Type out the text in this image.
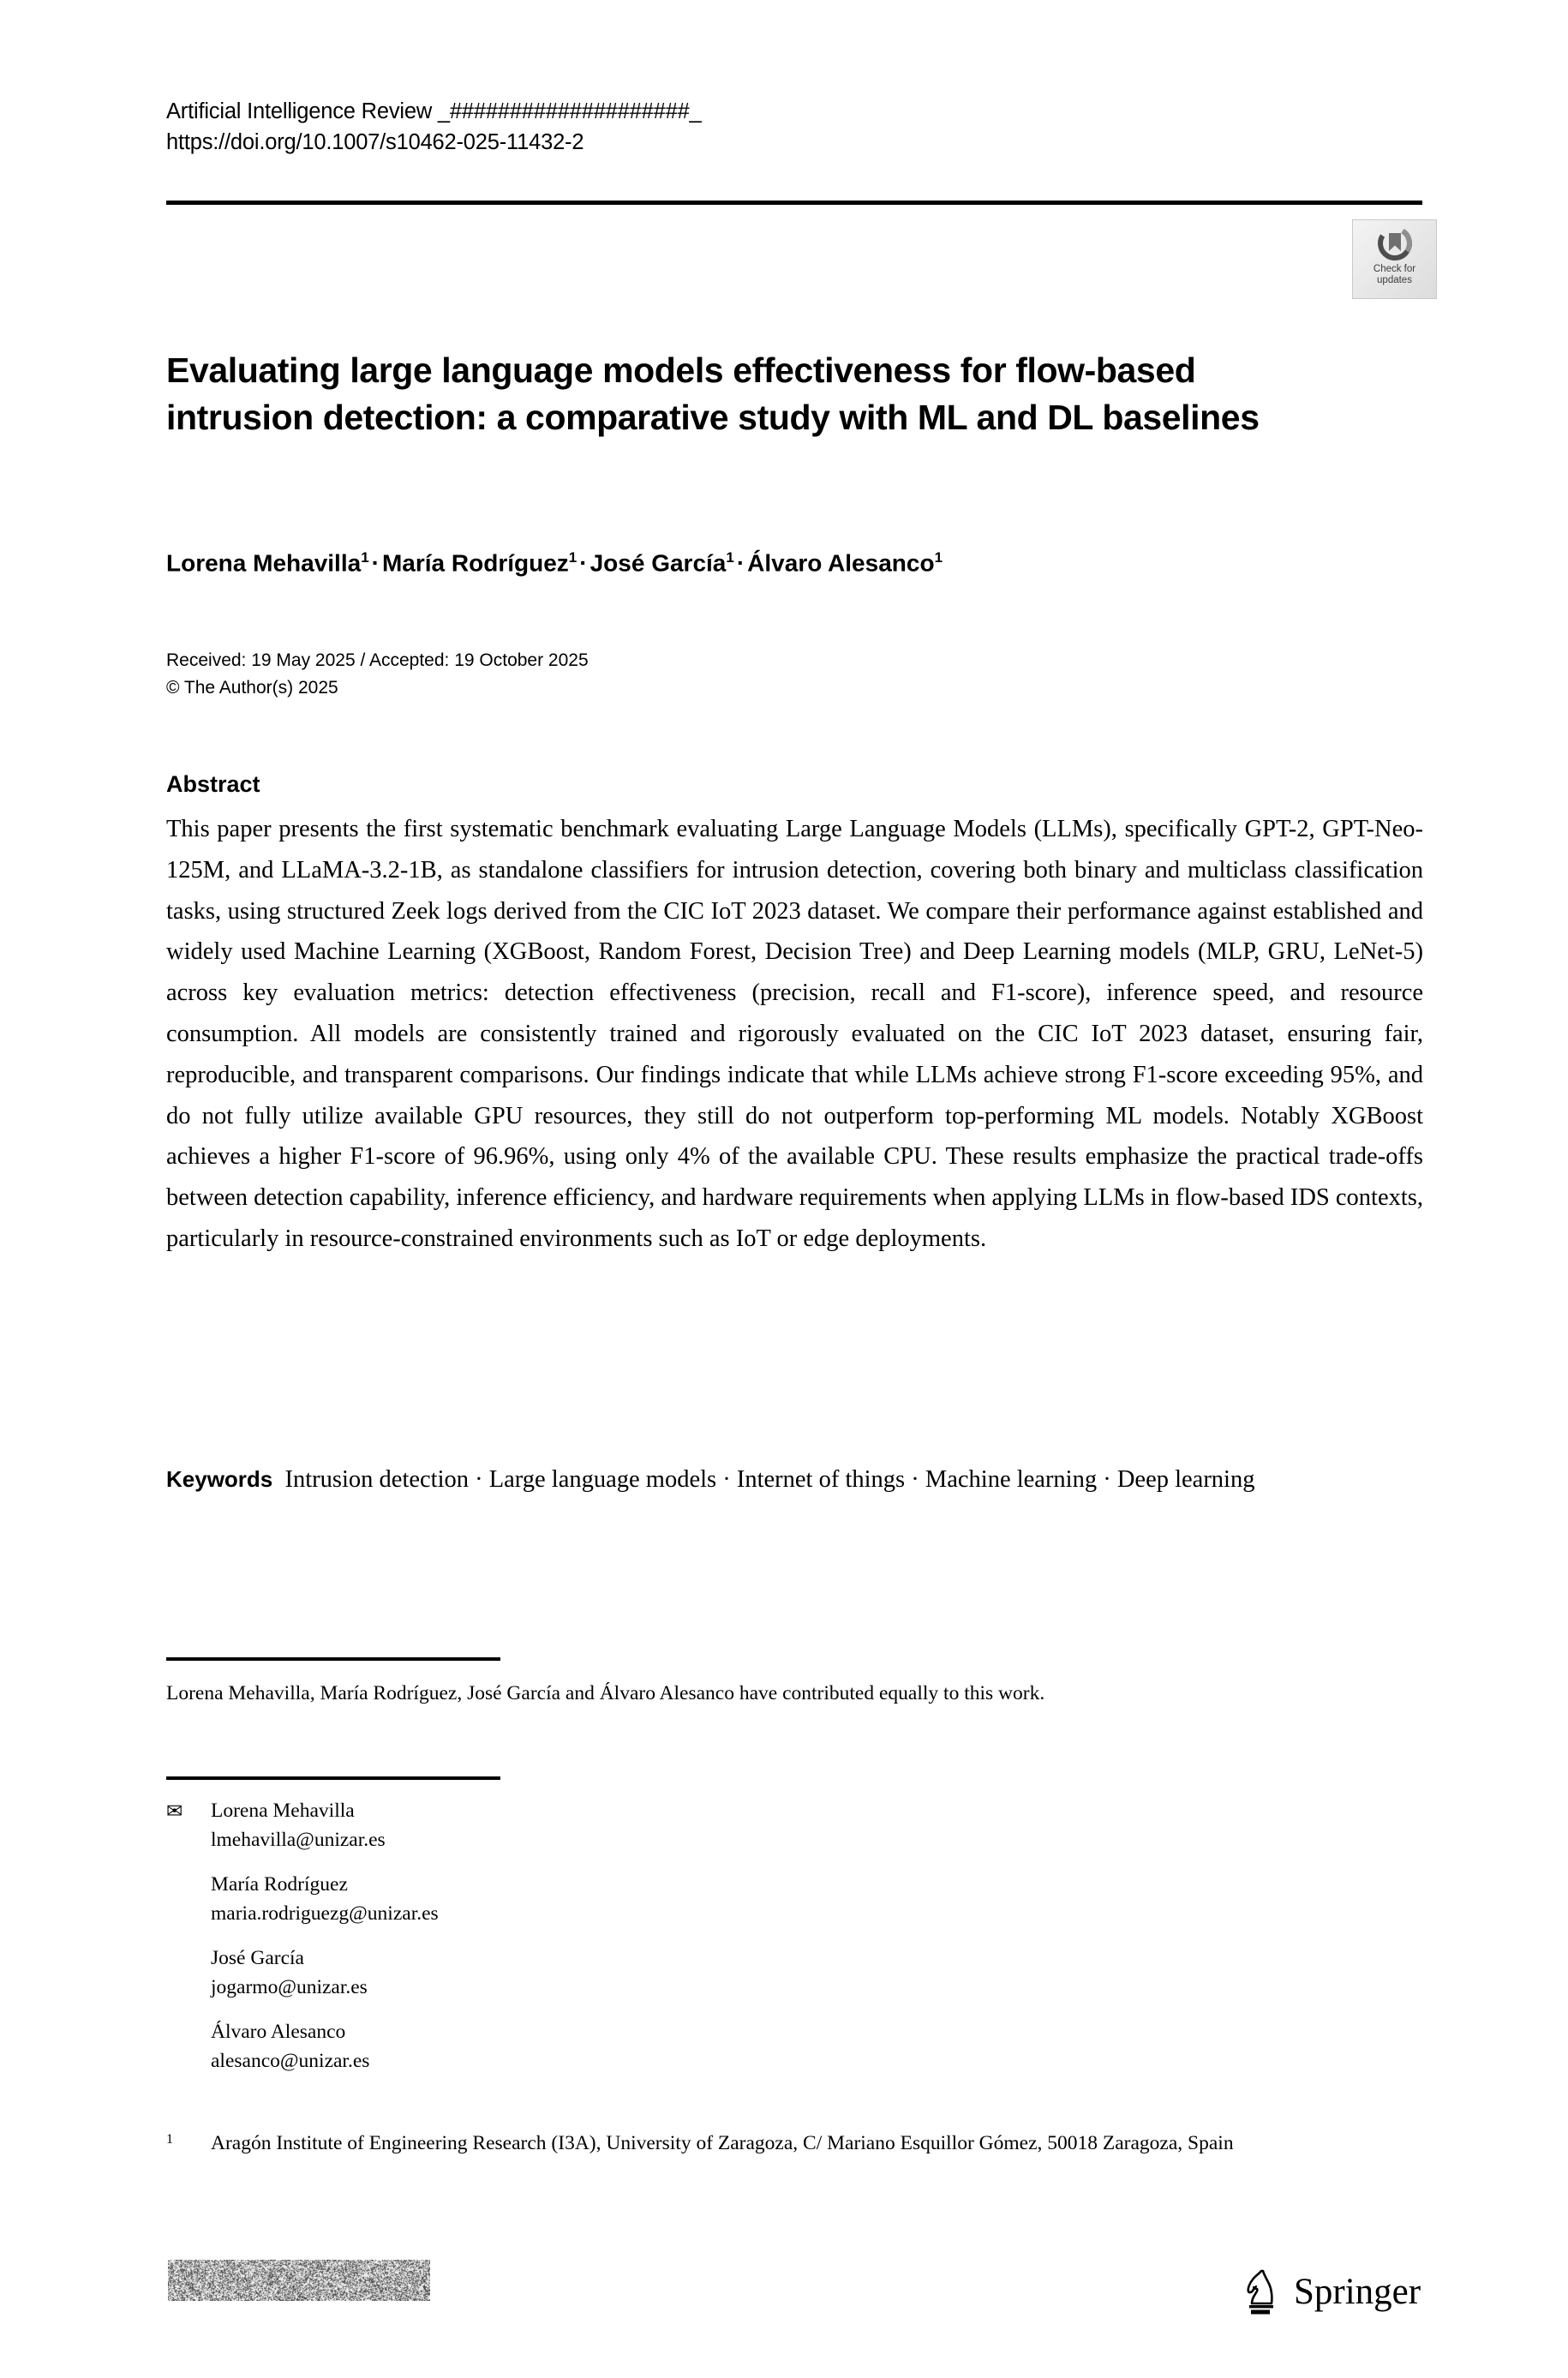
Artificial Intelligence Review _####################_
https://doi.org/10.1007/s10462-025-11432-2
Check for
updates
Evaluating large language models effectiveness for flow-based intrusion detection: a comparative study with ML and DL baselines
Lorena Mehavilla$^1$ · María Rodríguez$^1$ · José García$^1$ · Álvaro Alesanco$^1$
Received: 19 May 2025 / Accepted: 19 October 2025
© The Author(s) 2025
Abstract
This paper presents the first systematic benchmark evaluating Large Language Models (LLMs), specifically GPT-2, GPT-Neo-125M, and LLaMA-3.2-1B, as standalone classifiers for intrusion detection, covering both binary and multiclass classification tasks, using structured Zeek logs derived from the CIC IoT 2023 dataset. We compare their performance against established and widely used Machine Learning (XGBoost, Random Forest, Decision Tree) and Deep Learning models (MLP, GRU, LeNet-5) across key evaluation metrics: detection effectiveness (precision, recall and F1-score), inference speed, and resource consumption. All models are consistently trained and rigorously evaluated on the CIC IoT 2023 dataset, ensuring fair, reproducible, and transparent comparisons. Our findings indicate that while LLMs achieve strong F1-score exceeding 95%, and do not fully utilize available GPU resources, they still do not outperform top-performing ML models. Notably XGBoost achieves a higher F1-score of 96.96%, using only 4% of the available CPU. These results emphasize the practical trade-offs between detection capability, inference efficiency, and hardware requirements when applying LLMs in flow-based IDS contexts, particularly in resource-constrained environments such as IoT or edge deployments.
Keywords Intrusion detection · Large language models · Internet of things · Machine learning · Deep learning
Lorena Mehavilla, María Rodríguez, José García and Álvaro Alesanco have contributed equally to this work.
✉ Lorena Mehavilla
lmehavilla@unizar.es
María Rodríguez
maria.rodriguezg@unizar.es
José García
jogarmo@unizar.es
Álvaro Alesanco
alesanco@unizar.es
1 Aragón Institute of Engineering Research (I3A), University of Zaragoza, C/ Mariano Esquillor Gómez, 50018 Zaragoza, Spain
Springer
